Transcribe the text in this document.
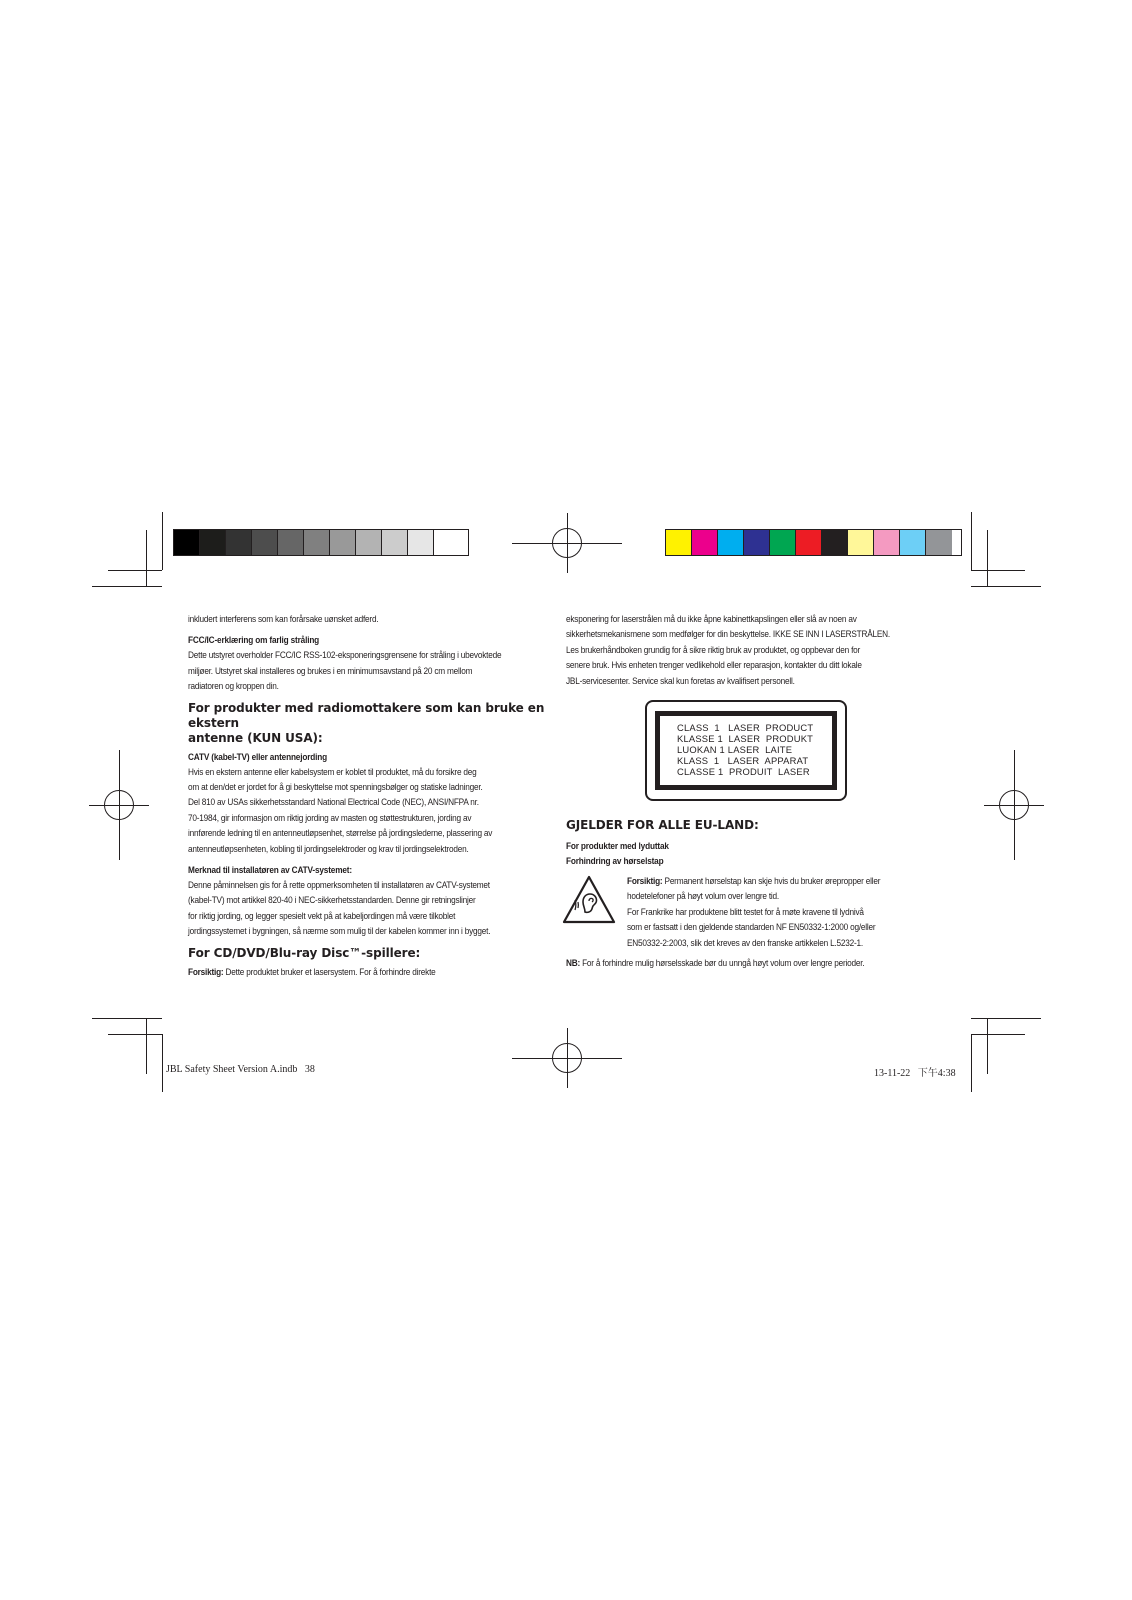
inkludert interferens som kan forårsake uønsket adferd.

FCC/IC-erklæring om farlig stråling

Dette utstyret overholder FCC/IC RSS-102-eksponeringsgrensene for stråling i ubevoktede

miljøer. Utstyret skal installeres og brukes i en minimumsavstand på 20 cm mellom

radiatoren og kroppen din.

For produkter med radiomottakere som kan bruke en ekstern

antenne (KUN USA):

CATV (kabel-TV) eller antennejording

Hvis en ekstern antenne eller kabelsystem er koblet til produktet, må du forsikre deg

om at den/det er jordet for å gi beskyttelse mot spenningsbølger og statiske ladninger.

Del 810 av USAs sikkerhetsstandard National Electrical Code (NEC), ANSI/NFPA nr.

70-1984, gir informasjon om riktig jording av masten og støttestrukturen, jording av

innførende ledning til en antenneutløpsenhet, størrelse på jordingslederne, plassering av

antenneutløpsenheten, kobling til jordingselektroder og krav til jordingselektroden.

Merknad til installatøren av CATV-systemet:

Denne påminnelsen gis for å rette oppmerksomheten til installatøren av CATV-systemet

(kabel-TV) mot artikkel 820-40 i NEC-sikkerhetsstandarden. Denne gir retningslinjer

for riktig jording, og legger spesielt vekt på at kabeljordingen må være tilkoblet

jordingssystemet i bygningen, så nærme som mulig til der kabelen kommer inn i bygget.

For CD/DVD/Blu-ray Disc™-spillere:

Forsiktig: Dette produktet bruker et lasersystem. For å forhindre direkte

eksponering for laserstrålen må du ikke åpne kabinettkapslingen eller slå av noen av

sikkerhetsmekanismene som medfølger for din beskyttelse. IKKE SE INN I LASERSTRÅLEN.

Les brukerhåndboken grundig for å sikre riktig bruk av produktet, og oppbevar den for

senere bruk. Hvis enheten trenger vedlikehold eller reparasjon, kontakter du ditt lokale

JBL-servicesenter. Service skal kun foretas av kvalifisert personell.

CLASS  1   LASER  PRODUCT

KLASSE 1  LASER  PRODUKT

LUOKAN 1 LASER  LAITE

KLASS  1   LASER  APPARAT

CLASSE 1  PRODUIT  LASER

GJELDER FOR ALLE EU-LAND:

For produkter med lyduttak

Forhindring av hørselstap

Forsiktig: Permanent hørselstap kan skje hvis du bruker ørepropper eller

hodetelefoner på høyt volum over lengre tid.

For Frankrike har produktene blitt testet for å møte kravene til lydnivå

som er fastsatt i den gjeldende standarden NF EN50332-1:2000 og/eller

EN50332-2:2003, slik det kreves av den franske artikkelen L.5232-1.

NB: For å forhindre mulig hørselsskade bør du unngå høyt volum over lengre perioder.

JBL Safety Sheet Version A.indb   38	13-11-22   下午4:38
